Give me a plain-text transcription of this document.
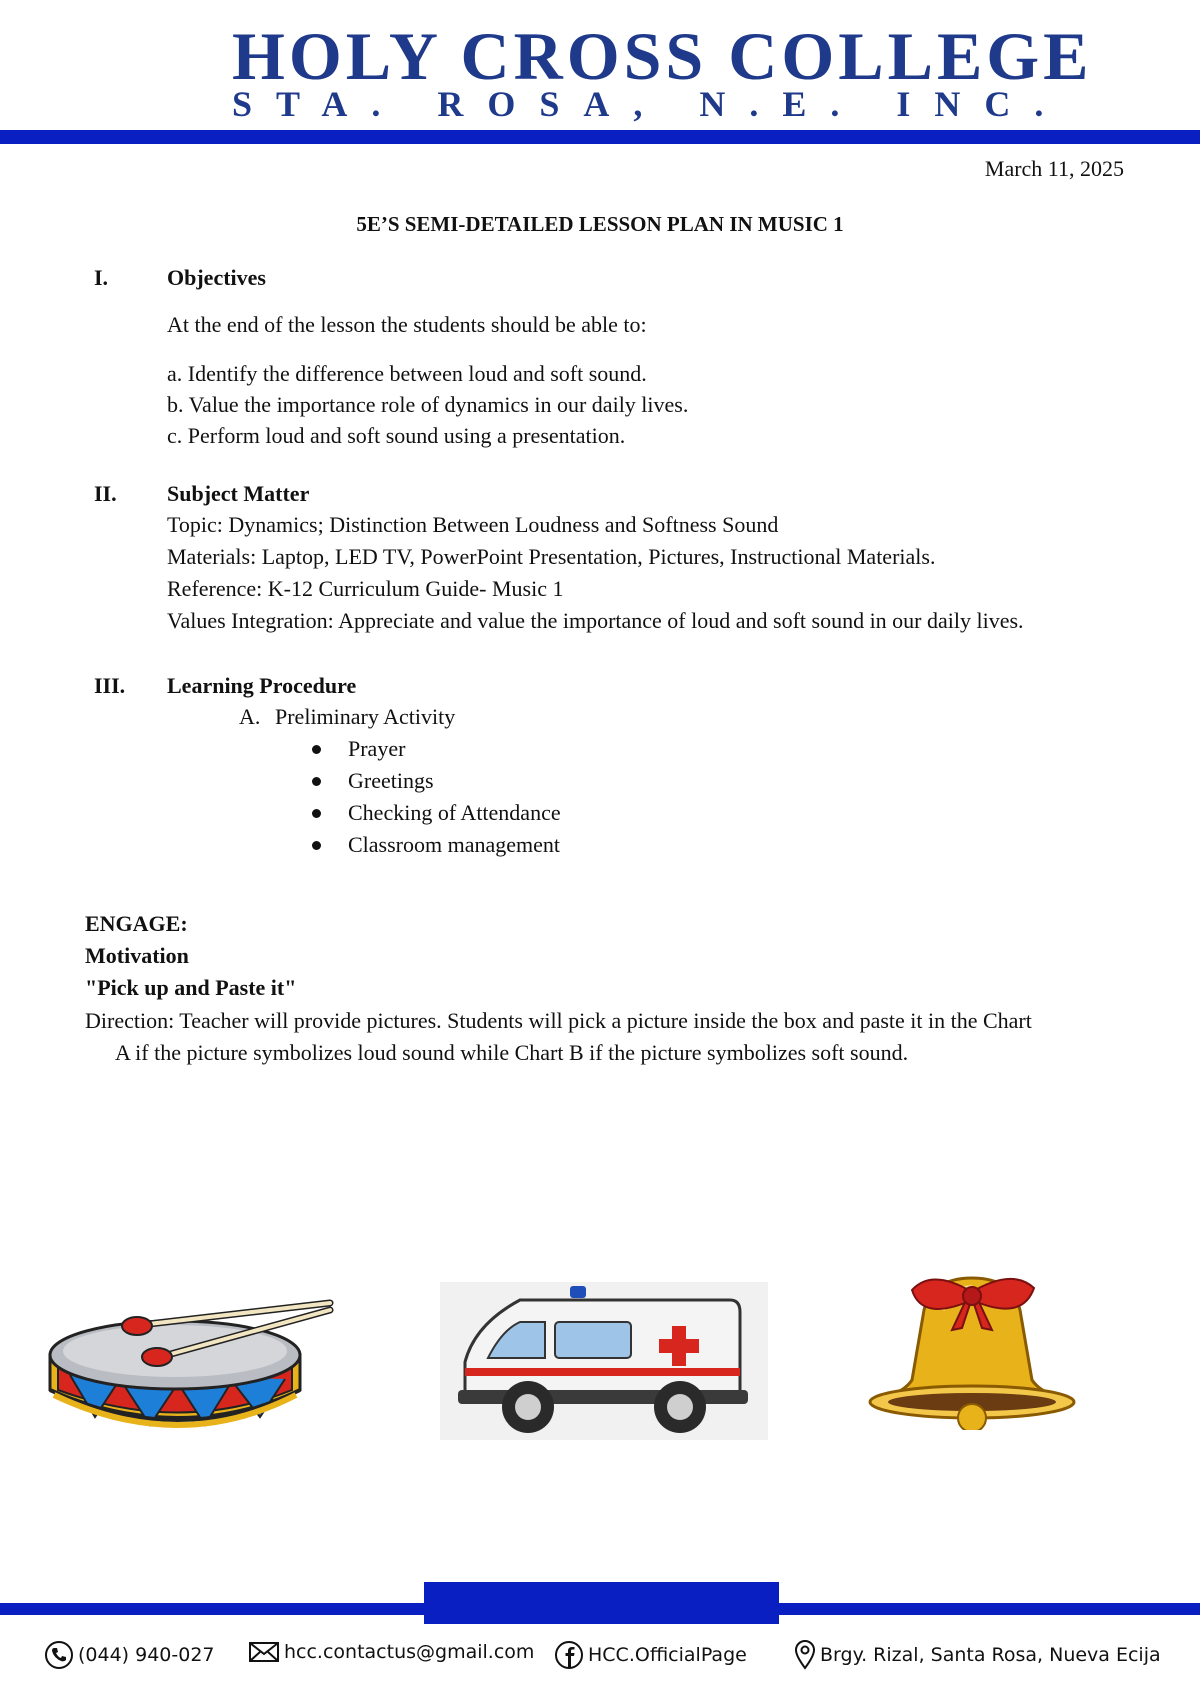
HOLY CROSS COLLEGE
STA. ROSA, N.E. INC.
March 11, 2025
5E’S SEMI-DETAILED LESSON PLAN IN MUSIC 1
I.	Objectives
At the end of the lesson the students should be able to:
a. Identify the difference between loud and soft sound.
b. Value the importance role of dynamics in our daily lives.
c. Perform loud and soft sound using a presentation.
II. Subject Matter
Topic: Dynamics; Distinction Between Loudness and Softness Sound
Materials: Laptop, LED TV, PowerPoint Presentation, Pictures, Instructional Materials.
Reference: K-12 Curriculum Guide- Music 1
Values Integration: Appreciate and value the importance of loud and soft sound in our daily lives.
III. Learning Procedure
A. Preliminary Activity
Prayer
Greetings
Checking of Attendance
Classroom management
ENGAGE:
Motivation
"Pick up and Paste it"
Direction: Teacher will provide pictures. Students will pick a picture inside the box and paste it in the Chart
A if the picture symbolizes loud sound while Chart B if the picture symbolizes soft sound.
(044) 940-027	hcc.contactus@gmail.com	HCC.OfficialPage	Brgy. Rizal, Santa Rosa, Nueva Ecija
